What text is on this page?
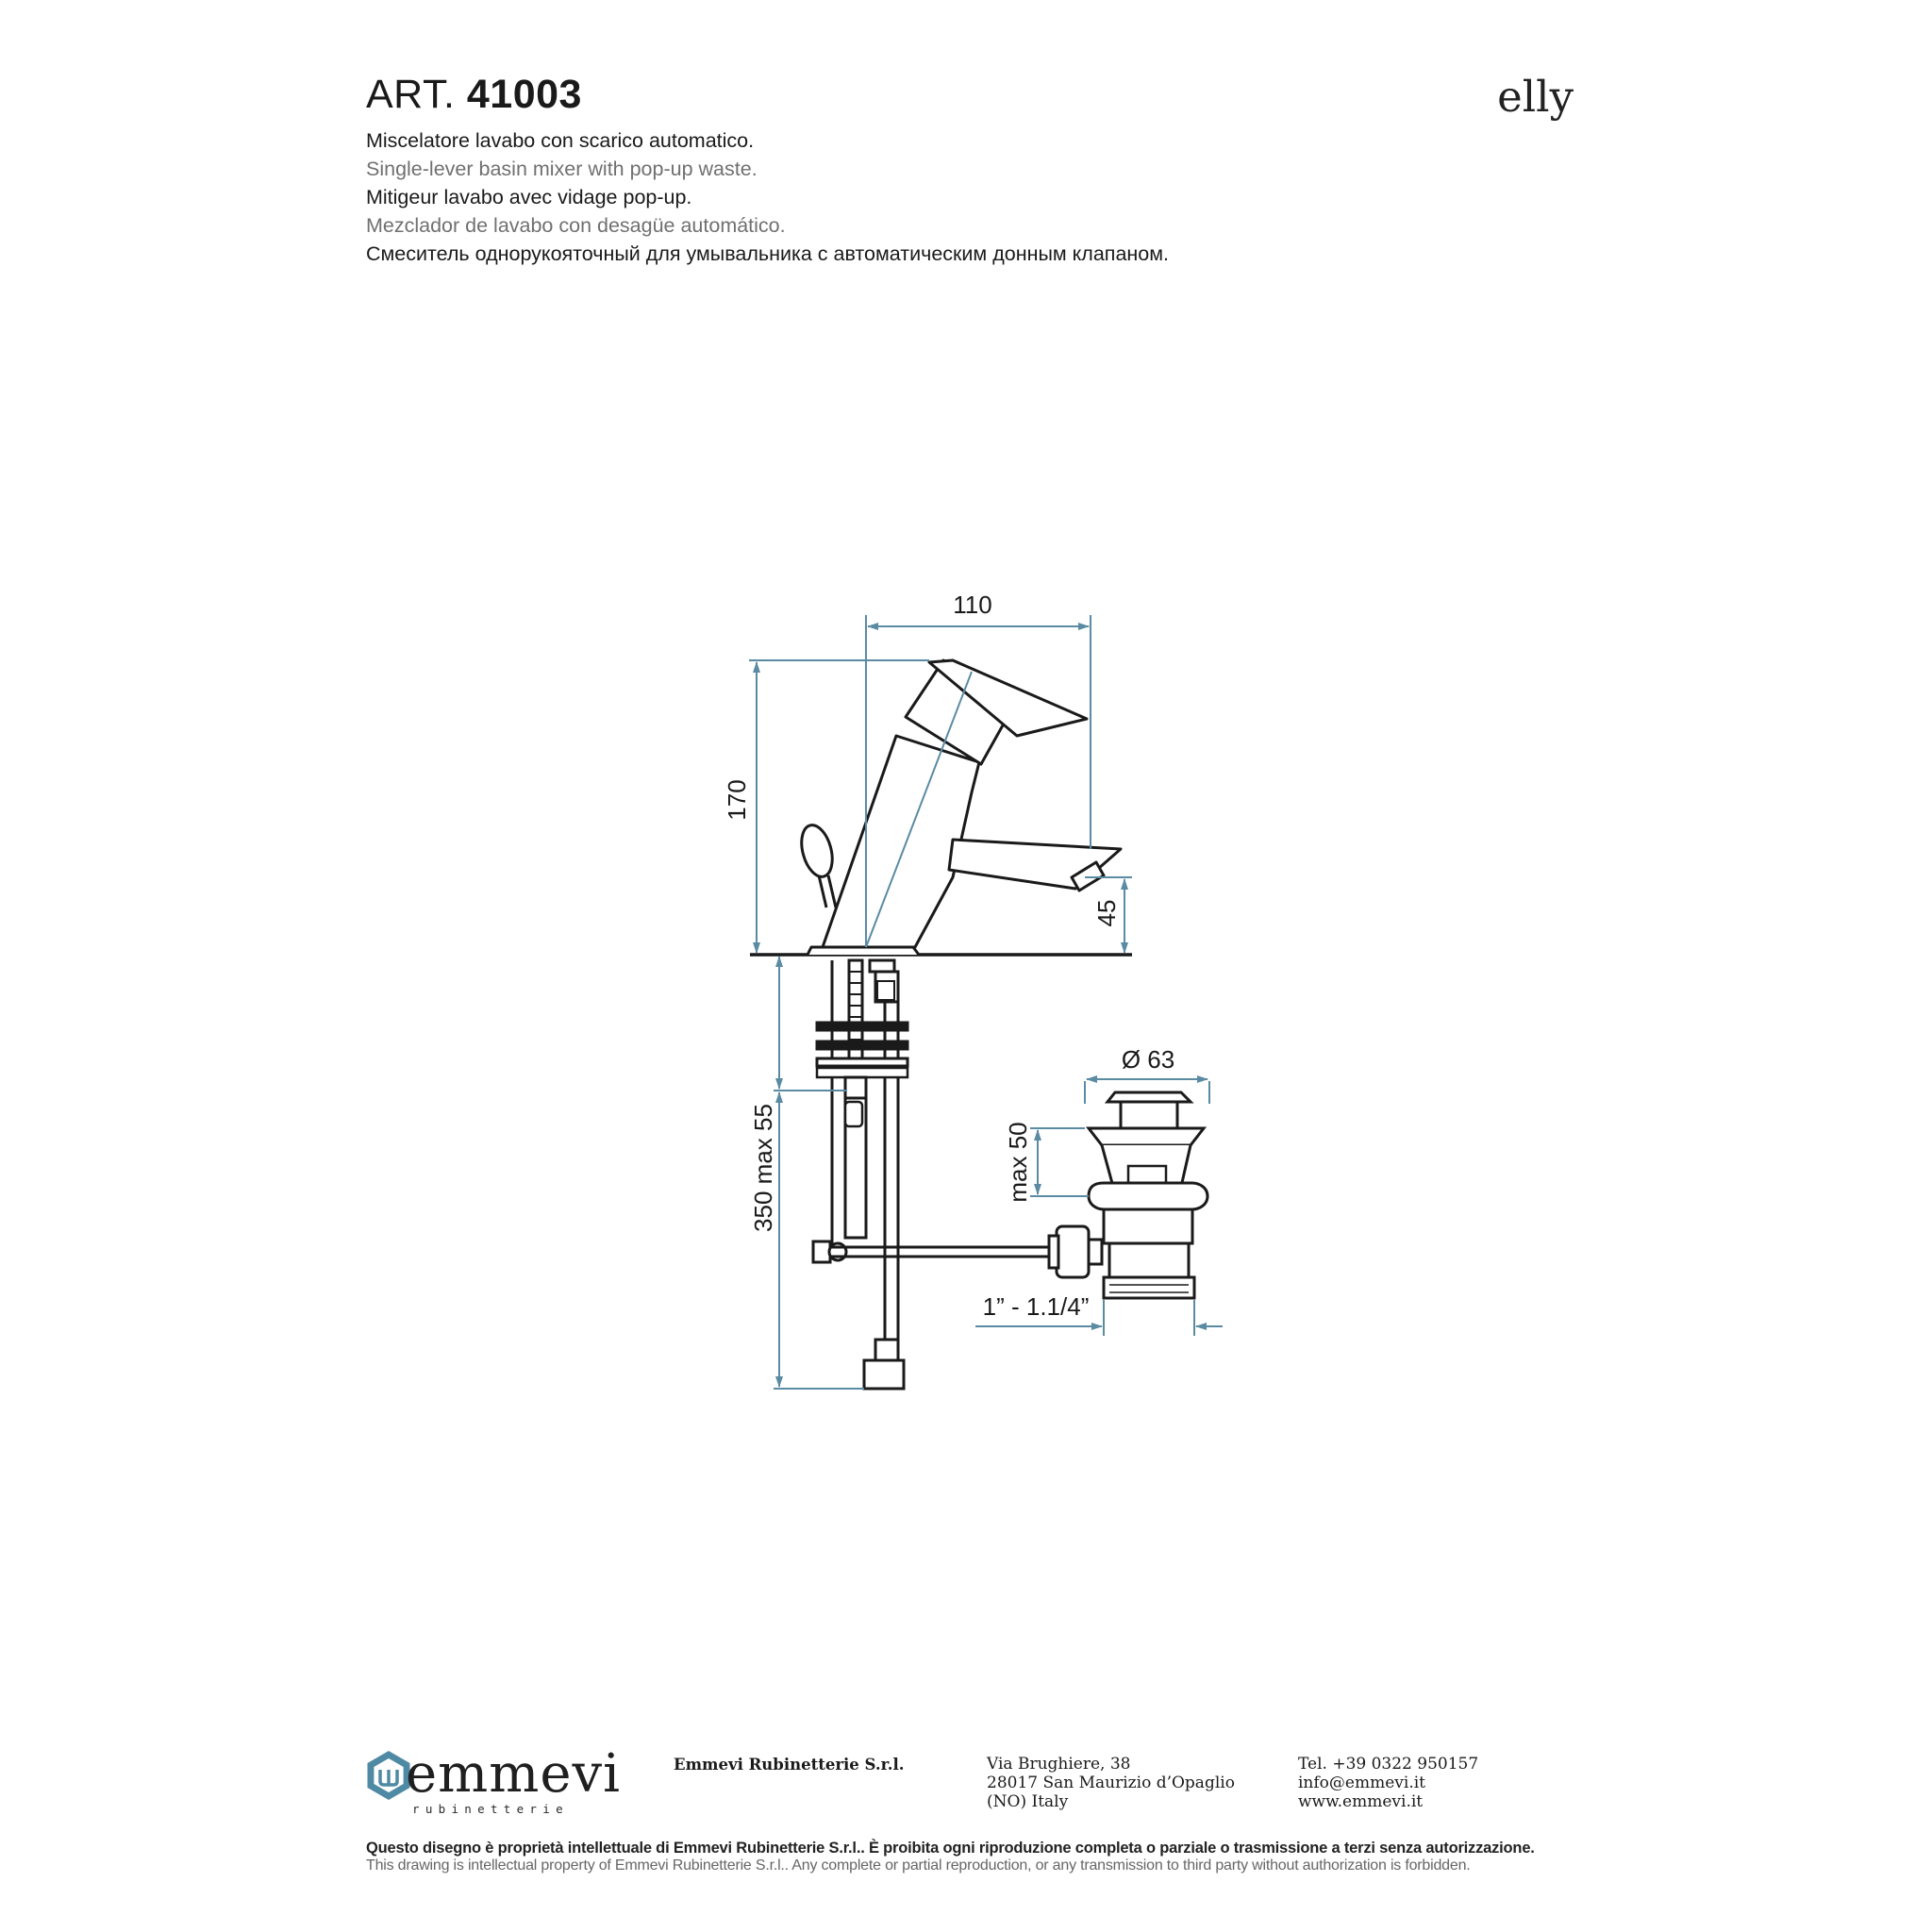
ART. 41003	elly
Miscelatore lavabo con scarico automatico.
Single-lever basin mixer with pop-up waste.
Mitigeur lavabo avec vidage pop-up.
Mezclador de lavabo con desagüe automático.
Смеситель однорукояточный для умывальника с автоматическим донным клапаном.
110
170
45
Ø 63
max 50
350 max 55
1” - 1.1/4”
emmevi
rubinetterie
Emmevi Rubinetterie S.r.l.	Via Brughiere, 38
28017 San Maurizio d’Opaglio
(NO) Italy
Tel. +39 0322 950157
info@emmevi.it
www.emmevi.it
Questo disegno è proprietà intellettuale di Emmevi Rubinetterie S.r.l.. È proibita ogni riproduzione completa o parziale o trasmissione a terzi senza autorizzazione.
This drawing is intellectual property of Emmevi Rubinetterie S.r.l.. Any complete or partial reproduction, or any transmission to third party without authorization is forbidden.
